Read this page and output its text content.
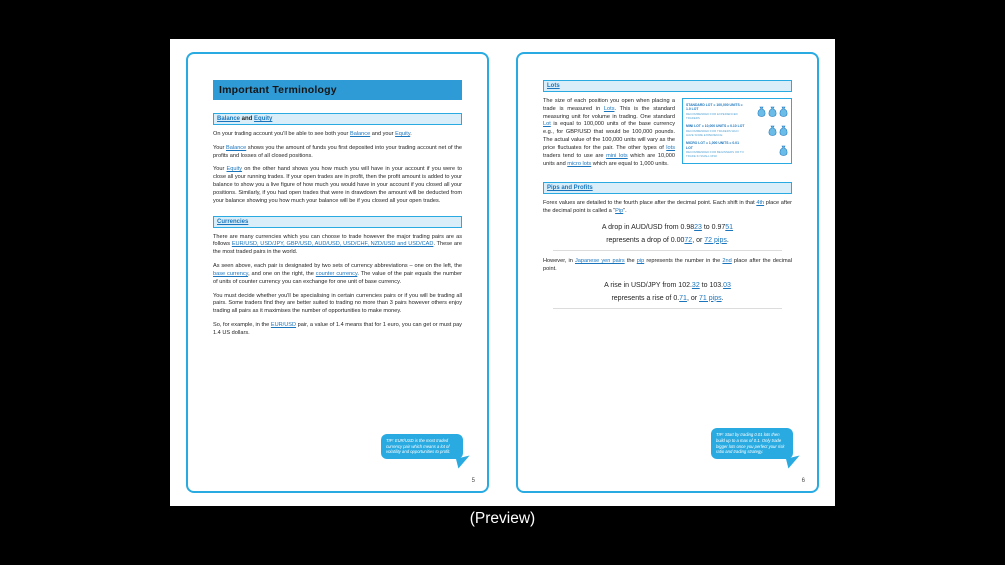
Important Terminology
Balance and Equity

On your trading account you'll be able to see both your Balance and your Equity.

Your Balance shows you the amount of funds you first deposited into your trading account net of the profits and losses of all closed positions.

Your Equity on the other hand shows you how much you will have in your account if you were to close all your running trades. If your open trades are in profit, then the profit amount is added to your balance to show you a live figure of how much you would have in your account if you closed all your positions. Similarly, if you had open trades that were in drawdown the amount will be deducted from your balance showing you how much your balance will be if you closed all your open trades.

Currencies

There are many currencies which you can choose to trade however the major trading pairs are as follows EUR/USD, USD/JPY, GBP/USD, AUD/USD, USD/CHF, NZD/USD and USD/CAD. These are the most traded pairs in the world.

As seen above, each pair is designated by two sets of currency abbreviations – one on the left, the base currency, and one on the right, the counter currency. The value of the pair equals the number of units of counter currency you can exchange for one unit of base currency.

You must decide whether you'll be specialising in certain currencies pairs or if you will be trading all pairs. Some traders find they are better suited to trading no more than 3 pairs however others enjoy trading all pairs as it maximises the number of opportunities to make money.

So, for example, in the EUR/USD pair, a value of 1.4 means that for 1 euro, you can get or must pay 1.4 US dollars.

TIP: EUR/USD is the most traded currency pair which means a lot of volatility and opportunities to profit.
5
Lots

The size of each position you open when placing a trade is measured in Lots. This is the standard measuring unit for volume in trading. One standard Lot is equal to 100,000 units of the base currency e.g., for GBP/USD that would be 100,000 pounds. The actual value of the 100,000 units will vary as the price fluctuates for the pair. The other types of lots traders tend to use are mini lots which are 10,000 units and micro lots which are equal to 1,000 units.

STANDARD LOT = 100,000 UNITS = 1.0 LOT
RECOMMENDED FOR EXPERIENCED TRADERS
MINI LOT = 10,000 UNITS = 0.10 LOT
RECOMMENDED FOR TRADERS WHO HAVE SOME EXPERIENCE
MICRO LOT = 1,000 UNITS = 0.01 LOT
RECOMMENDED FOR BEGINNERS OR TO TRADE IN SMALL RISK
Pips and Profits

Forex values are detailed to the fourth place after the decimal point. Each shift in that 4th place after the decimal point is called a “Pip”.

A drop in AUD/USD from 0.9823 to 0.9751
represents a drop of 0.0072, or 72 pips.

However, in Japanese yen pairs the pip represents the number in the 2nd place after the decimal point.

A rise in USD/JPY from 102.32 to 103.03
represents a rise of 0.71, or 71 pips.
TIP: Start by trading 0.01 lots then build up to a max of 0.1. Only trade bigger lots once you perfect your risk ratio and trading strategy.
6
(Preview)
